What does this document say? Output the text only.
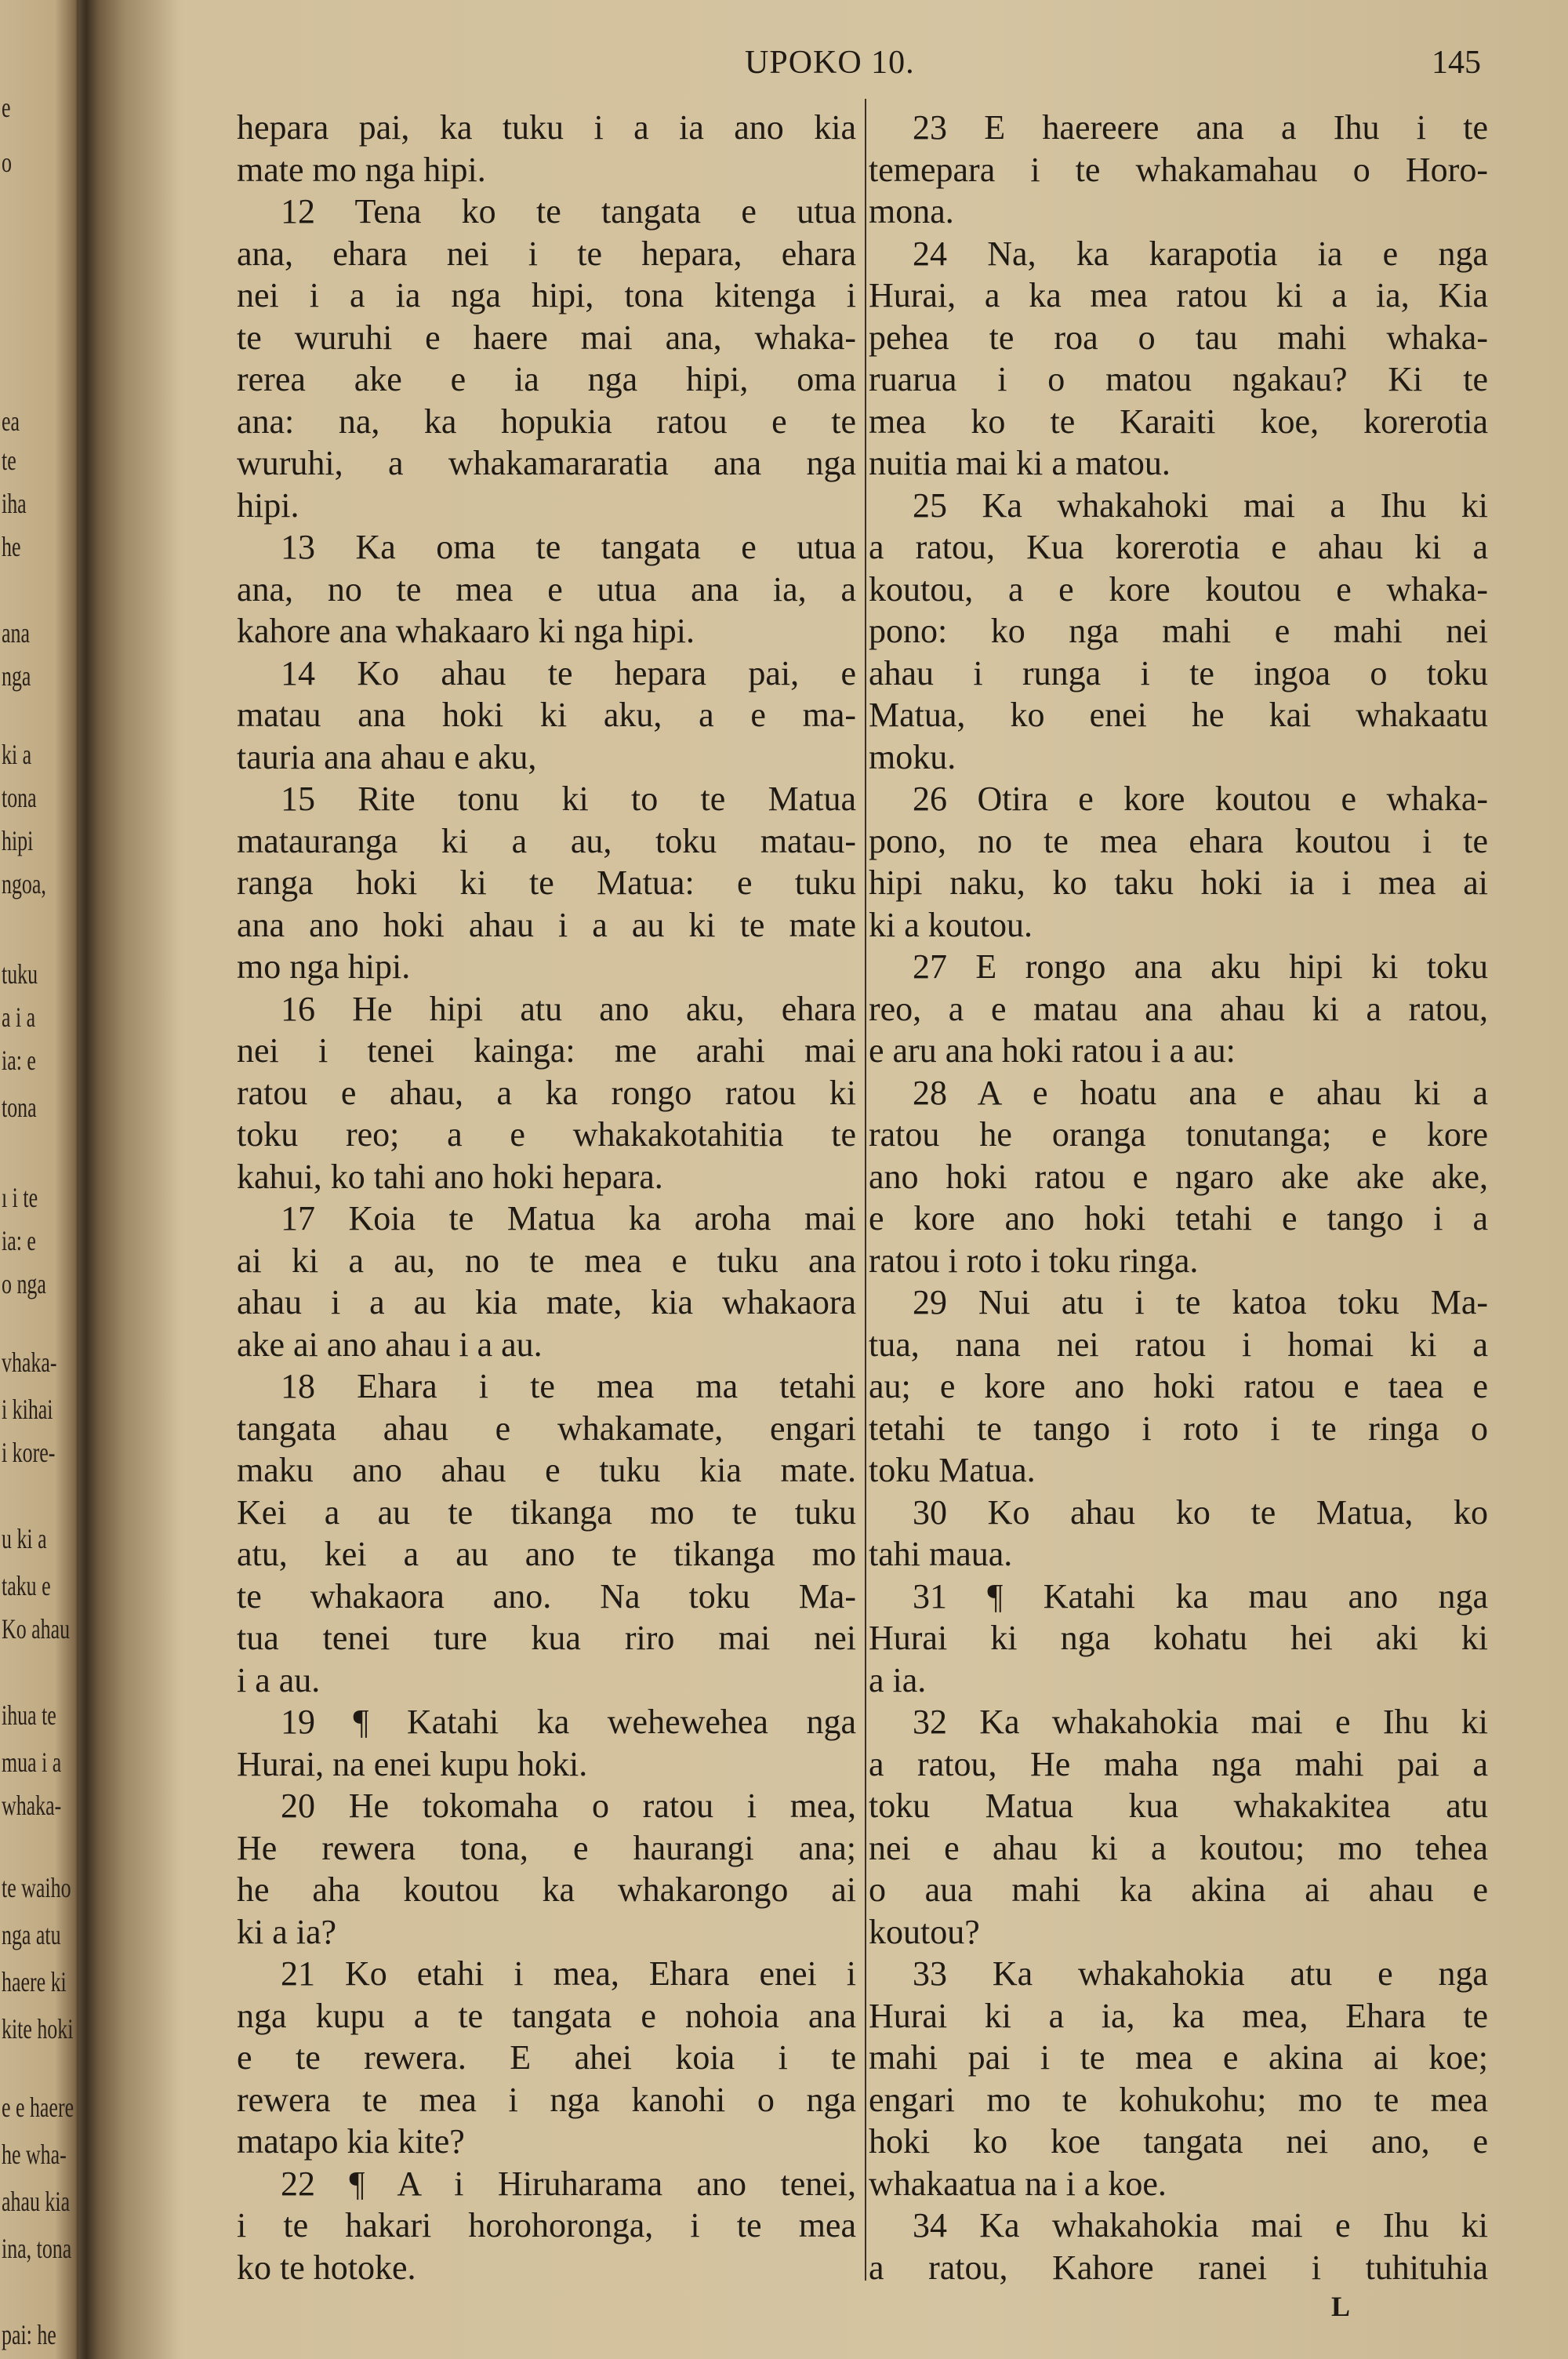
e
o
ea
te
iha
he
ana
nga
ki a
tona
hipi
ngoa,
tuku
a i a
ia: e
tona
ı i te
ia: e
o nga
vhaka-
i kihai
i kore-
u ki a
taku e
Ko ahau
ihua te
mua i a
whaka-
te waiho
nga atu
haere ki
kite hoki
e e haere
he wha-
ahau kia
ina, tona
pai: he
UPOKO 10.	145
hepara pai, ka tuku i a ia ano kia
mate mo nga hipi.
12 Tena ko te tangata e utua
ana, ehara nei i te hepara, ehara
nei i a ia nga hipi, tona kitenga i
te wuruhi e haere mai ana, whaka-
rerea ake e ia nga hipi, oma
ana: na, ka hopukia ratou e te
wuruhi, a whakamararatia ana nga
hipi.
13 Ka oma te tangata e utua
ana, no te mea e utua ana ia, a
kahore ana whakaaro ki nga hipi.
14 Ko ahau te hepara pai, e
matau ana hoki ki aku, a e ma-
tauria ana ahau e aku,
15 Rite tonu ki to te Matua
matauranga ki a au, toku matau-
ranga hoki ki te Matua: e tuku
ana ano hoki ahau i a au ki te mate
mo nga hipi.
16 He hipi atu ano aku, ehara
nei i tenei kainga: me arahi mai
ratou e ahau, a ka rongo ratou ki
toku reo; a e whakakotahitia te
kahui, ko tahi ano hoki hepara.
17 Koia te Matua ka aroha mai
ai ki a au, no te mea e tuku ana
ahau i a au kia mate, kia whakaora
ake ai ano ahau i a au.
18 Ehara i te mea ma tetahi
tangata ahau e whakamate, engari
maku ano ahau e tuku kia mate.
Kei a au te tikanga mo te tuku
atu, kei a au ano te tikanga mo
te whakaora ano. Na toku Ma-
tua tenei ture kua riro mai nei
i a au.
19 ¶ Katahi ka wehewehea nga
Hurai, na enei kupu hoki.
20 He tokomaha o ratou i mea,
He rewera tona, e haurangi ana;
he aha koutou ka whakarongo ai
ki a ia?
21 Ko etahi i mea, Ehara enei i
nga kupu a te tangata e nohoia ana
e te rewera. E ahei koia i te
rewera te mea i nga kanohi o nga
matapo kia kite?
22 ¶ A i Hiruharama ano tenei,
i te hakari horohoronga, i te mea
ko te hotoke.
23 E haereere ana a Ihu i te
temepara i te whakamahau o Horo-
mona.
24 Na, ka karapotia ia e nga
Hurai, a ka mea ratou ki a ia, Kia
pehea te roa o tau mahi whaka-
ruarua i o matou ngakau? Ki te
mea ko te Karaiti koe, korerotia
nuitia mai ki a matou.
25 Ka whakahoki mai a Ihu ki
a ratou, Kua korerotia e ahau ki a
koutou, a e kore koutou e whaka-
pono: ko nga mahi e mahi nei
ahau i runga i te ingoa o toku
Matua, ko enei he kai whakaatu
moku.
26 Otira e kore koutou e whaka-
pono, no te mea ehara koutou i te
hipi naku, ko taku hoki ia i mea ai
ki a koutou.
27 E rongo ana aku hipi ki toku
reo, a e matau ana ahau ki a ratou,
e aru ana hoki ratou i a au:
28 A e hoatu ana e ahau ki a
ratou he oranga tonutanga; e kore
ano hoki ratou e ngaro ake ake ake,
e kore ano hoki tetahi e tango i a
ratou i roto i toku ringa.
29 Nui atu i te katoa toku Ma-
tua, nana nei ratou i homai ki a
au; e kore ano hoki ratou e taea e
tetahi te tango i roto i te ringa o
toku Matua.
30 Ko ahau ko te Matua, ko
tahi maua.
31 ¶ Katahi ka mau ano nga
Hurai ki nga kohatu hei aki ki
a ia.
32 Ka whakahokia mai e Ihu ki
a ratou, He maha nga mahi pai a
toku Matua kua whakakitea atu
nei e ahau ki a koutou; mo tehea
o aua mahi ka akina ai ahau e
koutou?
33 Ka whakahokia atu e nga
Hurai ki a ia, ka mea, Ehara te
mahi pai i te mea e akina ai koe;
engari mo te kohukohu; mo te mea
hoki ko koe tangata nei ano, e
whakaatua na i a koe.
34 Ka whakahokia mai e Ihu ki
a ratou, Kahore ranei i tuhituhia
L
